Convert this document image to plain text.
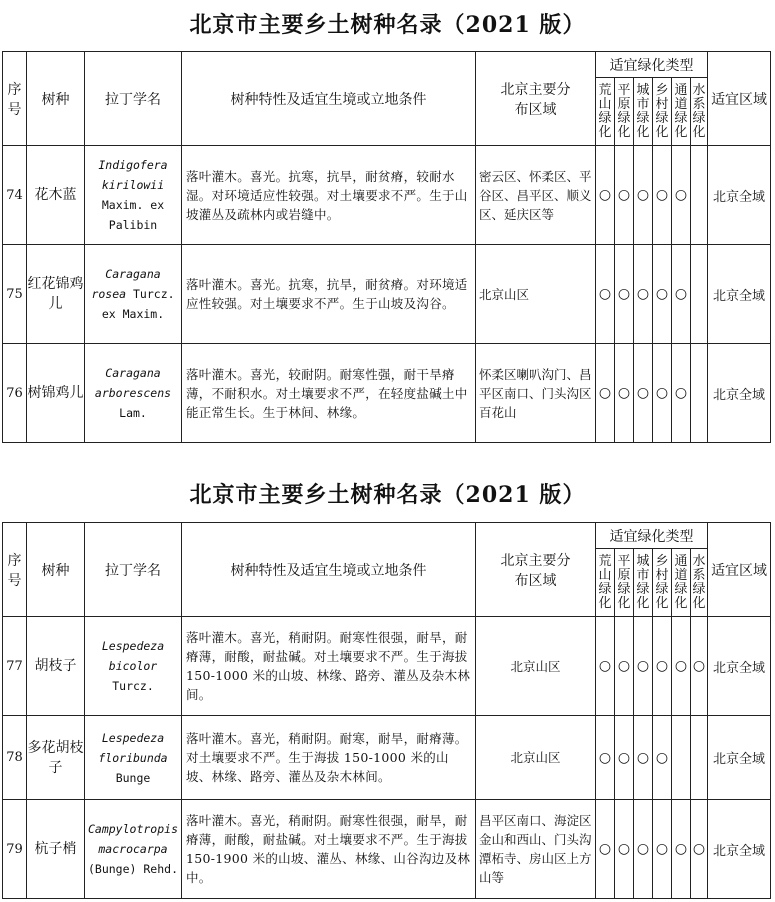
北京市主要乡土树种名录（2021 版）
序号	树种	拉丁学名	树种特性及适宜生境或立地条件	北京主要分布区域	适宜绿化类型						适宜区域
					荒山绿化	平原绿化	城市绿化	乡村绿化	通道绿化	水系绿化	
74	花木蓝	Indigofera kirilowii Maxim. ex Palibin	落叶灌木。喜光。抗寒，抗旱，耐贫瘠，较耐水湿。对环境适应性较强。对土壤要求不严。生于山坡灌丛及疏林内或岩缝中。	密云区、怀柔区、平谷区、昌平区、顺义区、延庆区等	○	○	○	○	○		北京全域
75	红花锦鸡儿	Caragana rosea Turcz. ex Maxim.	落叶灌木。喜光。抗寒，抗旱，耐贫瘠。对环境适应性较强。对土壤要求不严。生于山坡及沟谷。	北京山区	○	○	○	○	○		北京全域
76	树锦鸡儿	Caragana arborescens Lam.	落叶灌木。喜光，较耐阴。耐寒性强，耐干旱瘠薄，不耐积水。对土壤要求不严，在轻度盐碱土中能正常生长。生于林间、林缘。	怀柔区喇叭沟门、昌平区南口、门头沟区百花山	○	○	○	○	○		北京全域
北京市主要乡土树种名录（2021 版）
序号	树种	拉丁学名	树种特性及适宜生境或立地条件	北京主要分布区域	适宜绿化类型						适宜区域
					荒山绿化	平原绿化	城市绿化	乡村绿化	通道绿化	水系绿化	
77	胡枝子	Lespedeza bicolor Turcz.	落叶灌木。喜光，稍耐阴。耐寒性很强，耐旱，耐瘠薄，耐酸，耐盐碱。对土壤要求不严。生于海拔 150-1000 米的山坡、林缘、路旁、灌丛及杂木林间。	北京山区	○	○	○	○	○	○	北京全域
78	多花胡枝子	Lespedeza floribunda Bunge	落叶灌木。喜光，稍耐阴。耐寒，耐旱，耐瘠薄。对土壤要求不严。生于海拔 150-1000 米的山坡、林缘、路旁、灌丛及杂木林间。	北京山区	○	○	○	○			北京全域
79	杭子梢	Campylotropis macrocarpa (Bunge) Rehd.	落叶灌木。喜光，稍耐阴。耐寒性很强，耐旱，耐瘠薄，耐酸，耐盐碱。对土壤要求不严。生于海拔 150-1900 米的山坡、灌丛、林缘、山谷沟边及林中。	昌平区南口、海淀区金山和西山、门头沟潭柘寺、房山区上方山等	○	○	○	○	○	○	北京全域
